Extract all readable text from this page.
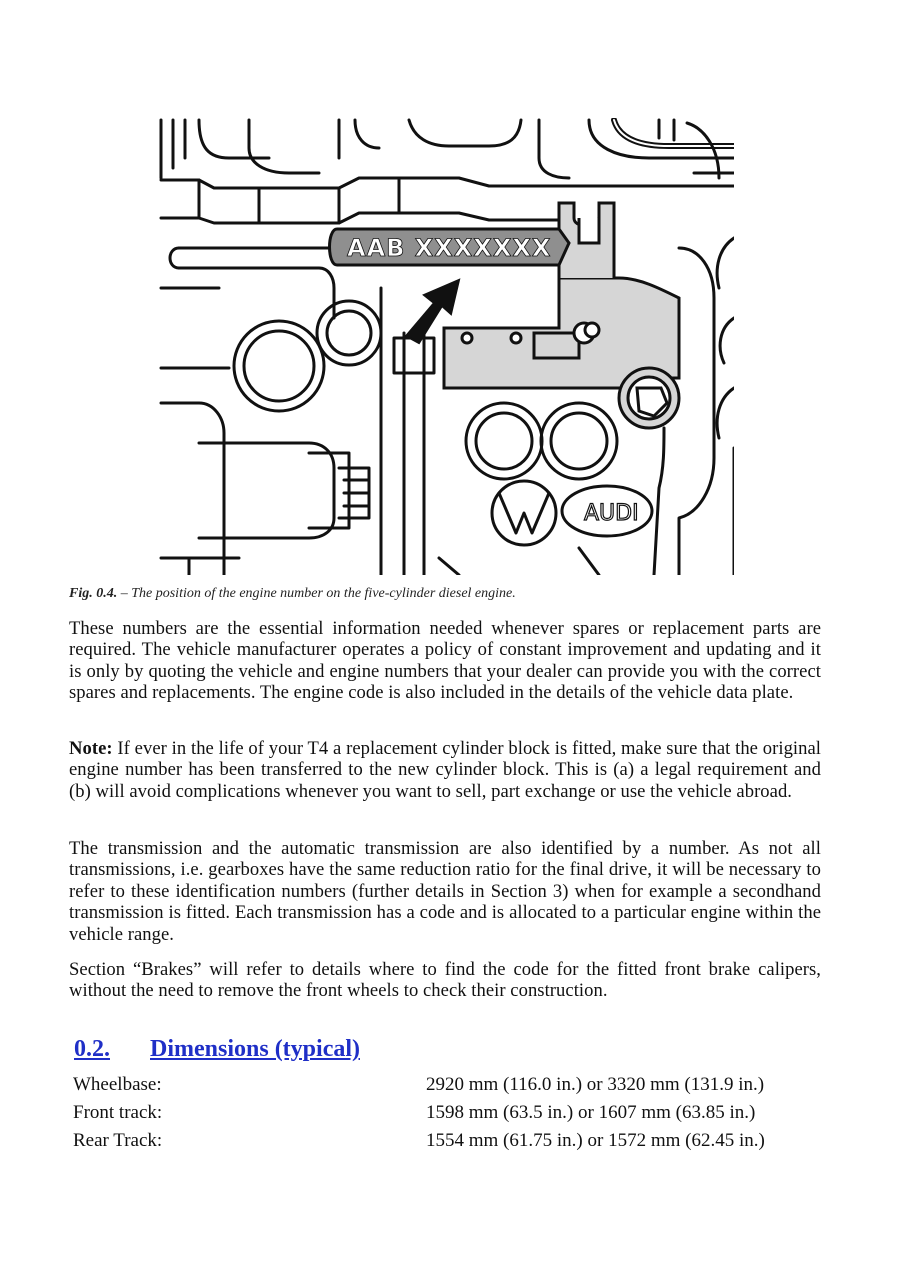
AAB XXXXXXX
AUDI
Fig. 0.4. – The position of the engine number on the five-cylinder diesel engine.

These numbers are the essential information needed whenever spares or replacement parts are required. The vehicle manufacturer operates a policy of constant improvement and updating and it is only by quoting the vehicle and engine numbers that your dealer can provide you with the correct spares and replacements. The engine code is also included in the details of the vehicle data plate.

Note: If ever in the life of your T4 a replacement cylinder block is fitted, make sure that the original engine number has been transferred to the new cylinder block. This is (a) a legal requirement and (b) will avoid complications whenever you want to sell, part exchange or use the vehicle abroad.

The transmission and the automatic transmission are also identified by a number. As not all transmissions, i.e. gearboxes have the same reduction ratio for the final drive, it will be necessary to refer to these identification numbers (further details in Section 3) when for example a secondhand transmission is fitted. Each transmission has a code and is allocated to a particular engine within the vehicle range.

Section “Brakes” will refer to details where to find the code for the fitted front brake calipers, without the need to remove the front wheels to check their construction.

0.2. Dimensions (typical)
Wheelbase:	2920 mm (116.0 in.) or 3320 mm (131.9 in.)
Front track:	1598 mm (63.5 in.) or 1607 mm (63.85 in.)
Rear Track:	1554 mm (61.75 in.) or 1572 mm (62.45 in.)
